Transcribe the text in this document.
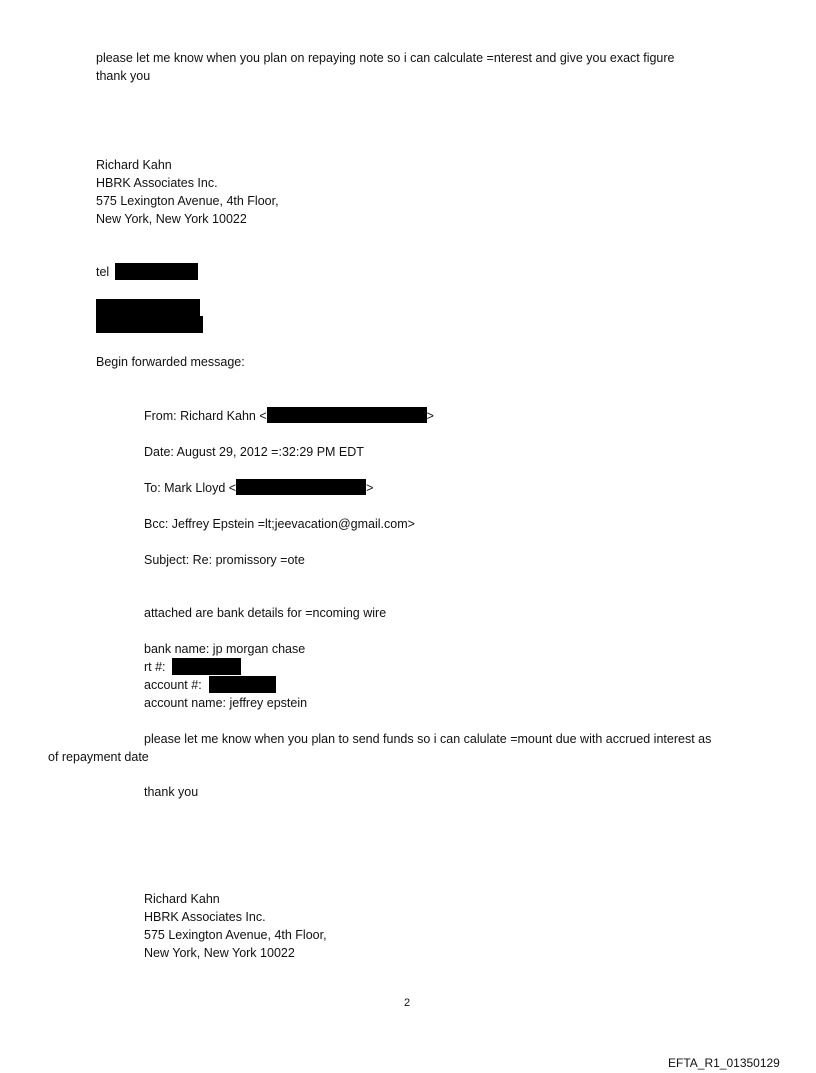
please let me know when you plan on repaying note so i can calculate =nterest and give you exact figure

thank you

Richard Kahn

HBRK Associates Inc.

575 Lexington Avenue, 4th Floor,

New York, New York 10022

tel

Begin forwarded message:

From: Richard Kahn <	>

Date: August 29, 2012 =:32:29 PM EDT

To: Mark Lloyd <	>

Bcc: Jeffrey Epstein =lt;jeevacation@gmail.com>

Subject: Re: promissory =ote

attached are bank details for =ncoming wire

bank name: jp morgan chase

rt #:

account #:

account name: jeffrey epstein

please let me know when you plan to send funds so i can calulate =mount due with accrued interest as

of repayment date

thank you

Richard Kahn

HBRK Associates Inc.

575 Lexington Avenue, 4th Floor,

New York, New York 10022

2

EFTA_R1_01350129
